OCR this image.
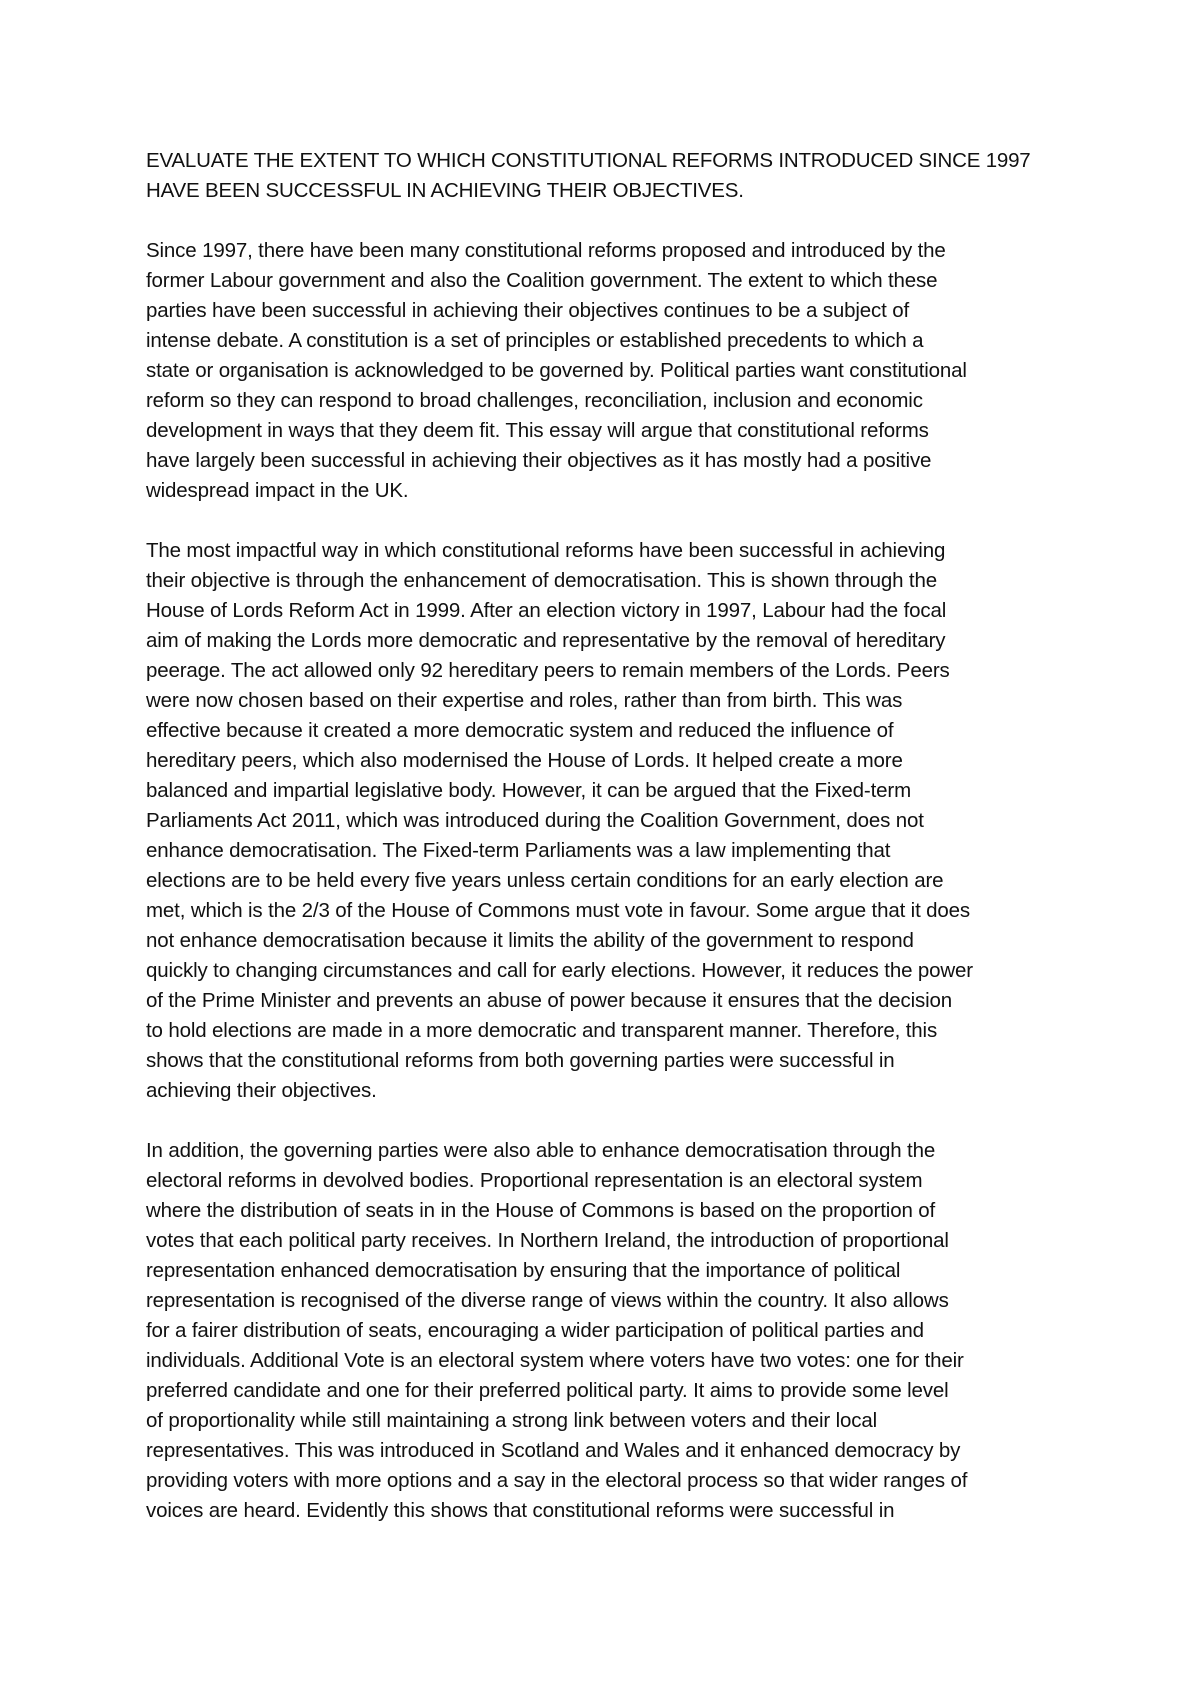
EVALUATE THE EXTENT TO WHICH CONSTITUTIONAL REFORMS INTRODUCED SINCE 1997
HAVE BEEN SUCCESSFUL IN ACHIEVING THEIR OBJECTIVES.
Since 1997, there have been many constitutional reforms proposed and introduced by the
former Labour government and also the Coalition government. The extent to which these
parties have been successful in achieving their objectives continues to be a subject of
intense debate. A constitution is a set of principles or established precedents to which a
state or organisation is acknowledged to be governed by. Political parties want constitutional
reform so they can respond to broad challenges, reconciliation, inclusion and economic
development in ways that they deem fit. This essay will argue that constitutional reforms
have largely been successful in achieving their objectives as it has mostly had a positive
widespread impact in the UK.
The most impactful way in which constitutional reforms have been successful in achieving
their objective is through the enhancement of democratisation. This is shown through the
House of Lords Reform Act in 1999. After an election victory in 1997, Labour had the focal
aim of making the Lords more democratic and representative by the removal of hereditary
peerage. The act allowed only 92 hereditary peers to remain members of the Lords. Peers
were now chosen based on their expertise and roles, rather than from birth. This was
effective because it created a more democratic system and reduced the influence of
hereditary peers, which also modernised the House of Lords. It helped create a more
balanced and impartial legislative body. However, it can be argued that the Fixed-term
Parliaments Act 2011, which was introduced during the Coalition Government, does not
enhance democratisation. The Fixed-term Parliaments was a law implementing that
elections are to be held every five years unless certain conditions for an early election are
met, which is the 2/3 of the House of Commons must vote in favour. Some argue that it does
not enhance democratisation because it limits the ability of the government to respond
quickly to changing circumstances and call for early elections. However, it reduces the power
of the Prime Minister and prevents an abuse of power because it ensures that the decision
to hold elections are made in a more democratic and transparent manner. Therefore, this
shows that the constitutional reforms from both governing parties were successful in
achieving their objectives.
In addition, the governing parties were also able to enhance democratisation through the
electoral reforms in devolved bodies. Proportional representation is an electoral system
where the distribution of seats in in the House of Commons is based on the proportion of
votes that each political party receives. In Northern Ireland, the introduction of proportional
representation enhanced democratisation by ensuring that the importance of political
representation is recognised of the diverse range of views within the country. It also allows
for a fairer distribution of seats, encouraging a wider participation of political parties and
individuals. Additional Vote is an electoral system where voters have two votes: one for their
preferred candidate and one for their preferred political party. It aims to provide some level
of proportionality while still maintaining a strong link between voters and their local
representatives. This was introduced in Scotland and Wales and it enhanced democracy by
providing voters with more options and a say in the electoral process so that wider ranges of
voices are heard. Evidently this shows that constitutional reforms were successful in
